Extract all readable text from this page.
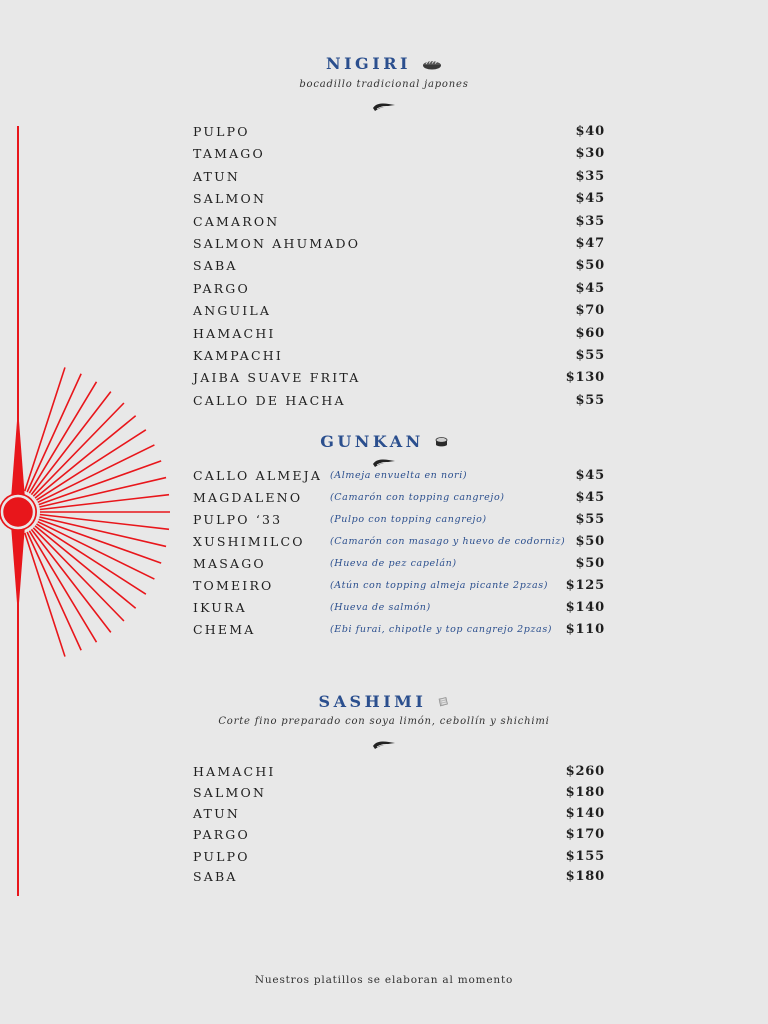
NIGIRI
bocadillo tradicional japones
PULPO	$40
TAMAGO	$30
ATUN	$35
SALMON	$45
CAMARON	$35
SALMON AHUMADO	$47
SABA	$50
PARGO	$45
ANGUILA	$70
HAMACHI	$60
KAMPACHI	$55
JAIBA SUAVE FRITA	$130
CALLO DE HACHA	$55
GUNKAN
CALLO ALMEJA (Almeja envuelta en nori)	$45
MAGDALENO	(Camarón con topping cangrejo)	$45
PULPO ‘33	(Pulpo con topping cangrejo)	$55
XUSHIMILCO	(Camarón con masago y huevo de codorniz) $50
MASAGO	(Hueva de pez capelán)	$50
TOMEIRO	(Atún con topping almeja picante 2pzas) $125
IKURA	(Hueva de salmón)	$140
CHEMA	(Ebi furai, chipotle y top cangrejo 2pzas) $110
SASHIMI
Corte fino preparado con soya limón, cebollín y shichimi
HAMACHI	$260
SALMON	$180
ATUN	$140
PARGO	$170
PULPO	$155
SABA	$180
Nuestros platillos se elaboran al momento
